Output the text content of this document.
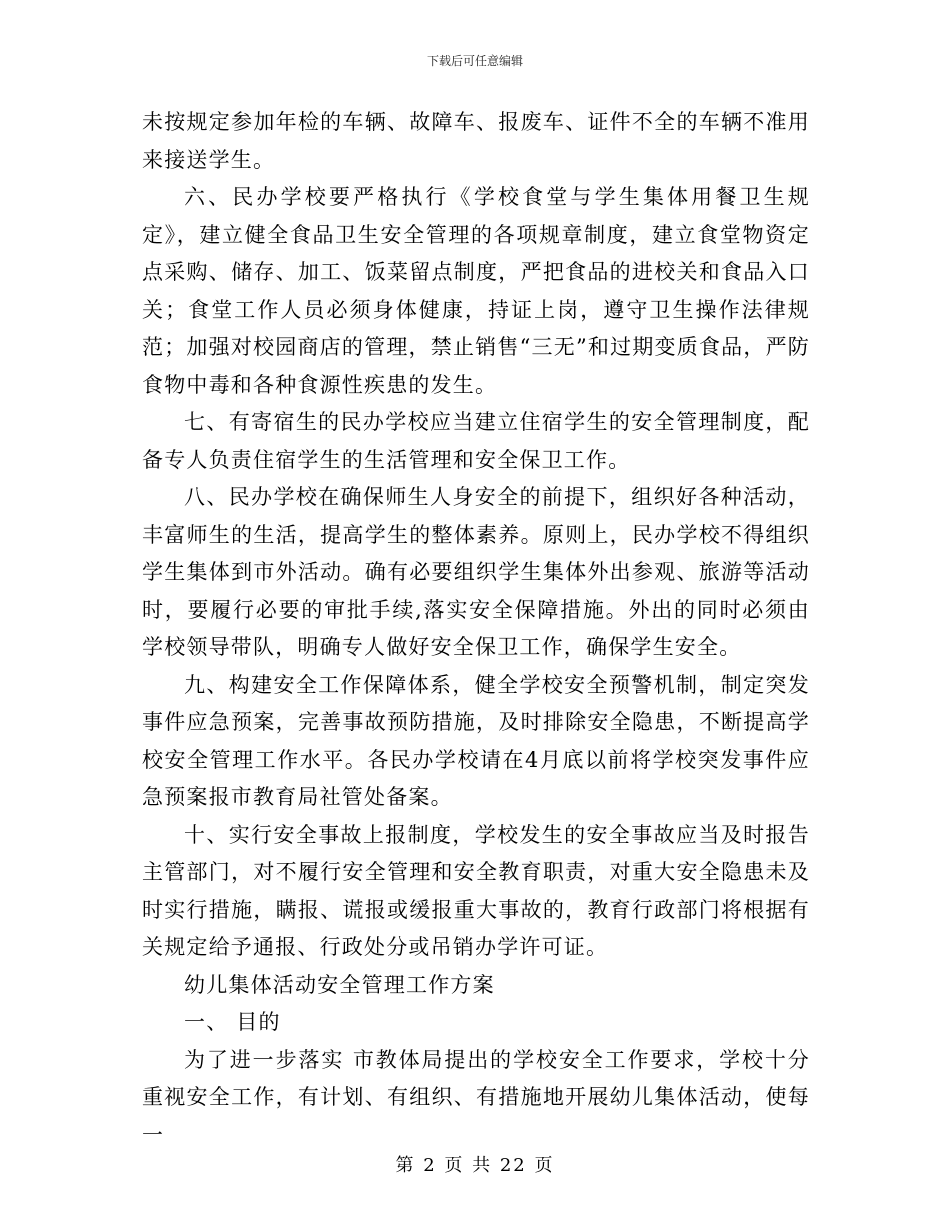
下载后可任意编辑

未按规定参加年检的车辆、故障车、报废车、证件不全的车辆不准用来接送学生。

六、民办学校要严格执行《学校食堂与学生集体用餐卫生规定》，建立健全食品卫生安全管理的各项规章制度，建立食堂物资定点采购、储存、加工、饭菜留点制度，严把食品的进校关和食品入口关；食堂工作人员必须身体健康，持证上岗，遵守卫生操作法律规范；加强对校园商店的管理，禁止销售“三无”和过期变质食品，严防食物中毒和各种食源性疾患的发生。

七、有寄宿生的民办学校应当建立住宿学生的安全管理制度，配备专人负责住宿学生的生活管理和安全保卫工作。

八、民办学校在确保师生人身安全的前提下，组织好各种活动，丰富师生的生活，提高学生的整体素养。原则上，民办学校不得组织学生集体到市外活动。确有必要组织学生集体外出参观、旅游等活动时，要履行必要的审批手续,落实安全保障措施。外出的同时必须由学校领导带队，明确专人做好安全保卫工作，确保学生安全。

九、构建安全工作保障体系，健全学校安全预警机制，制定突发事件应急预案，完善事故预防措施，及时排除安全隐患，不断提高学校安全管理工作水平。各民办学校请在4月底以前将学校突发事件应急预案报市教育局社管处备案。

十、实行安全事故上报制度，学校发生的安全事故应当及时报告主管部门，对不履行安全管理和安全教育职责，对重大安全隐患未及时实行措施，瞒报、谎报或缓报重大事故的，教育行政部门将根据有关规定给予通报、行政处分或吊销办学许可证。

幼儿集体活动安全管理工作方案

一、 目的

为了进一步落实 市教体局提出的学校安全工作要求，学校十分重视安全工作，有计划、有组织、有措施地开展幼儿集体活动，使每一

第 2 页 共 22 页
